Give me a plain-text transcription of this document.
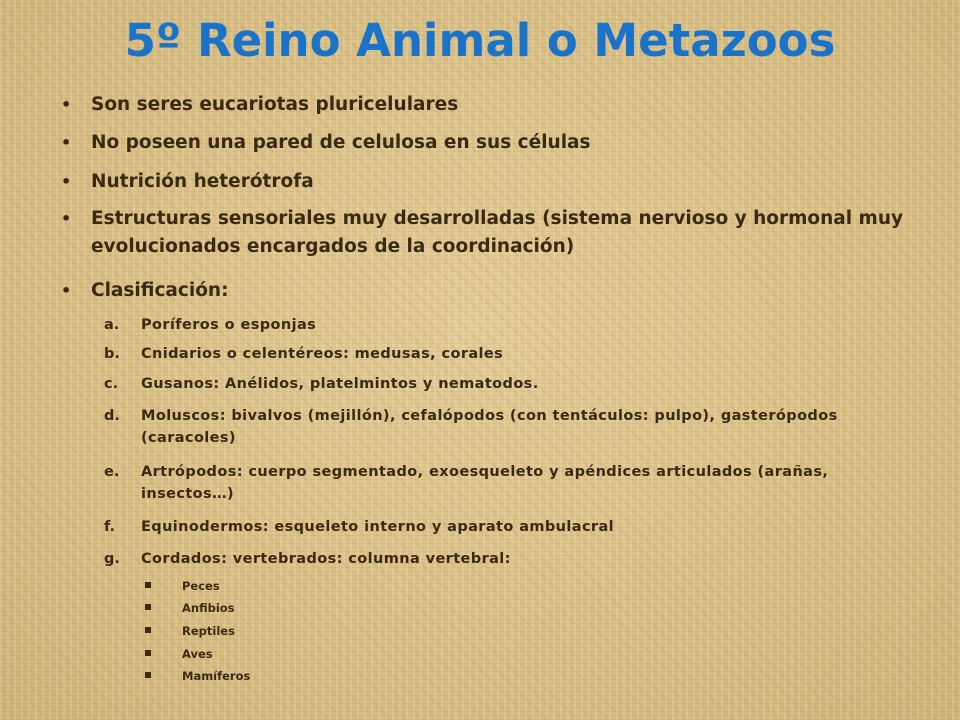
5º Reino Animal o Metazoos
• Son seres eucariotas pluricelulares
• No poseen una pared de celulosa en sus células
• Nutrición heterótrofa
• Estructuras sensoriales muy desarrolladas (sistema nervioso y hormonal muy evolucionados encargados de la coordinación)
• Clasificación:
a. Poríferos o esponjas
b. Cnidarios o celentéreos: medusas, corales
c. Gusanos: Anélidos, platelmintos y nematodos.
d. Moluscos: bivalvos (mejillón), cefalópodos (con tentáculos: pulpo), gasterópodos (caracoles)
e. Artrópodos: cuerpo segmentado, exoesqueleto y apéndices articulados (arañas, insectos…)
f. Equinodermos: esqueleto interno y aparato ambulacral
g. Cordados: vertebrados: columna vertebral:
Peces
Anfibios
Reptiles
Aves
Mamíferos
